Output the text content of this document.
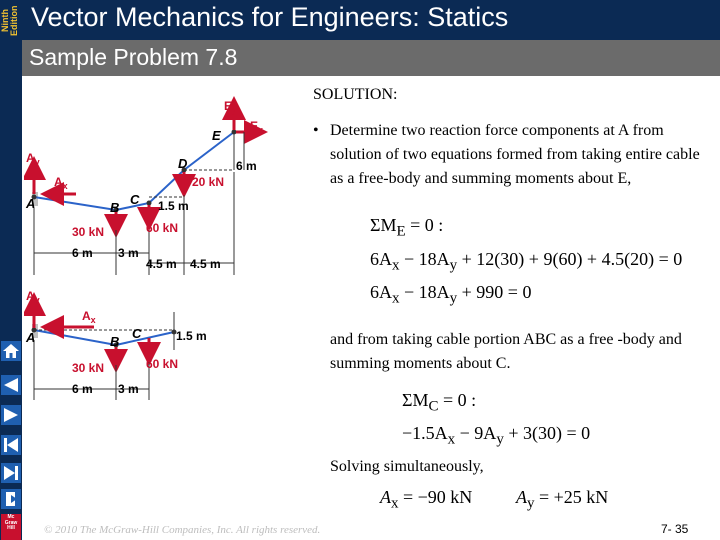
Ninth Edition
Mc
Graw
Hill
Vector Mechanics for Engineers: Statics
Sample Problem 7.8
$E_y$
$E_x$
E
D
$A_y$
$A_x$
A	B
C
6 m
20 kN
1.5 m
30 kN	60 kN
6 m 3 m
4.5 m 4.5 m
$A_y$
$A_x$
A	B
C	1.5 m
30 kN	60 kN
6 m 3 m
SOLUTION:
• Determine two reaction force components at A from solution of two equations formed from taking entire cable as a free-body and summing moments about E,
$\Sigma M_E = 0$ :
$6A_x - 18A_y + 12(30) + 9(60) + 4.5(20) = 0$
$6A_x - 18A_y + 990 = 0$
and from taking cable portion ABC as a free -body and summing moments about C.
$\Sigma M_C = 0$ :
$-1.5A_x - 9A_y + 3(30) = 0$
Solving simultaneously,
$A_x = -90$ kN $A_y = +25$ kN
© 2010 The McGraw-Hill Companies, Inc. All rights reserved.	7- 35
